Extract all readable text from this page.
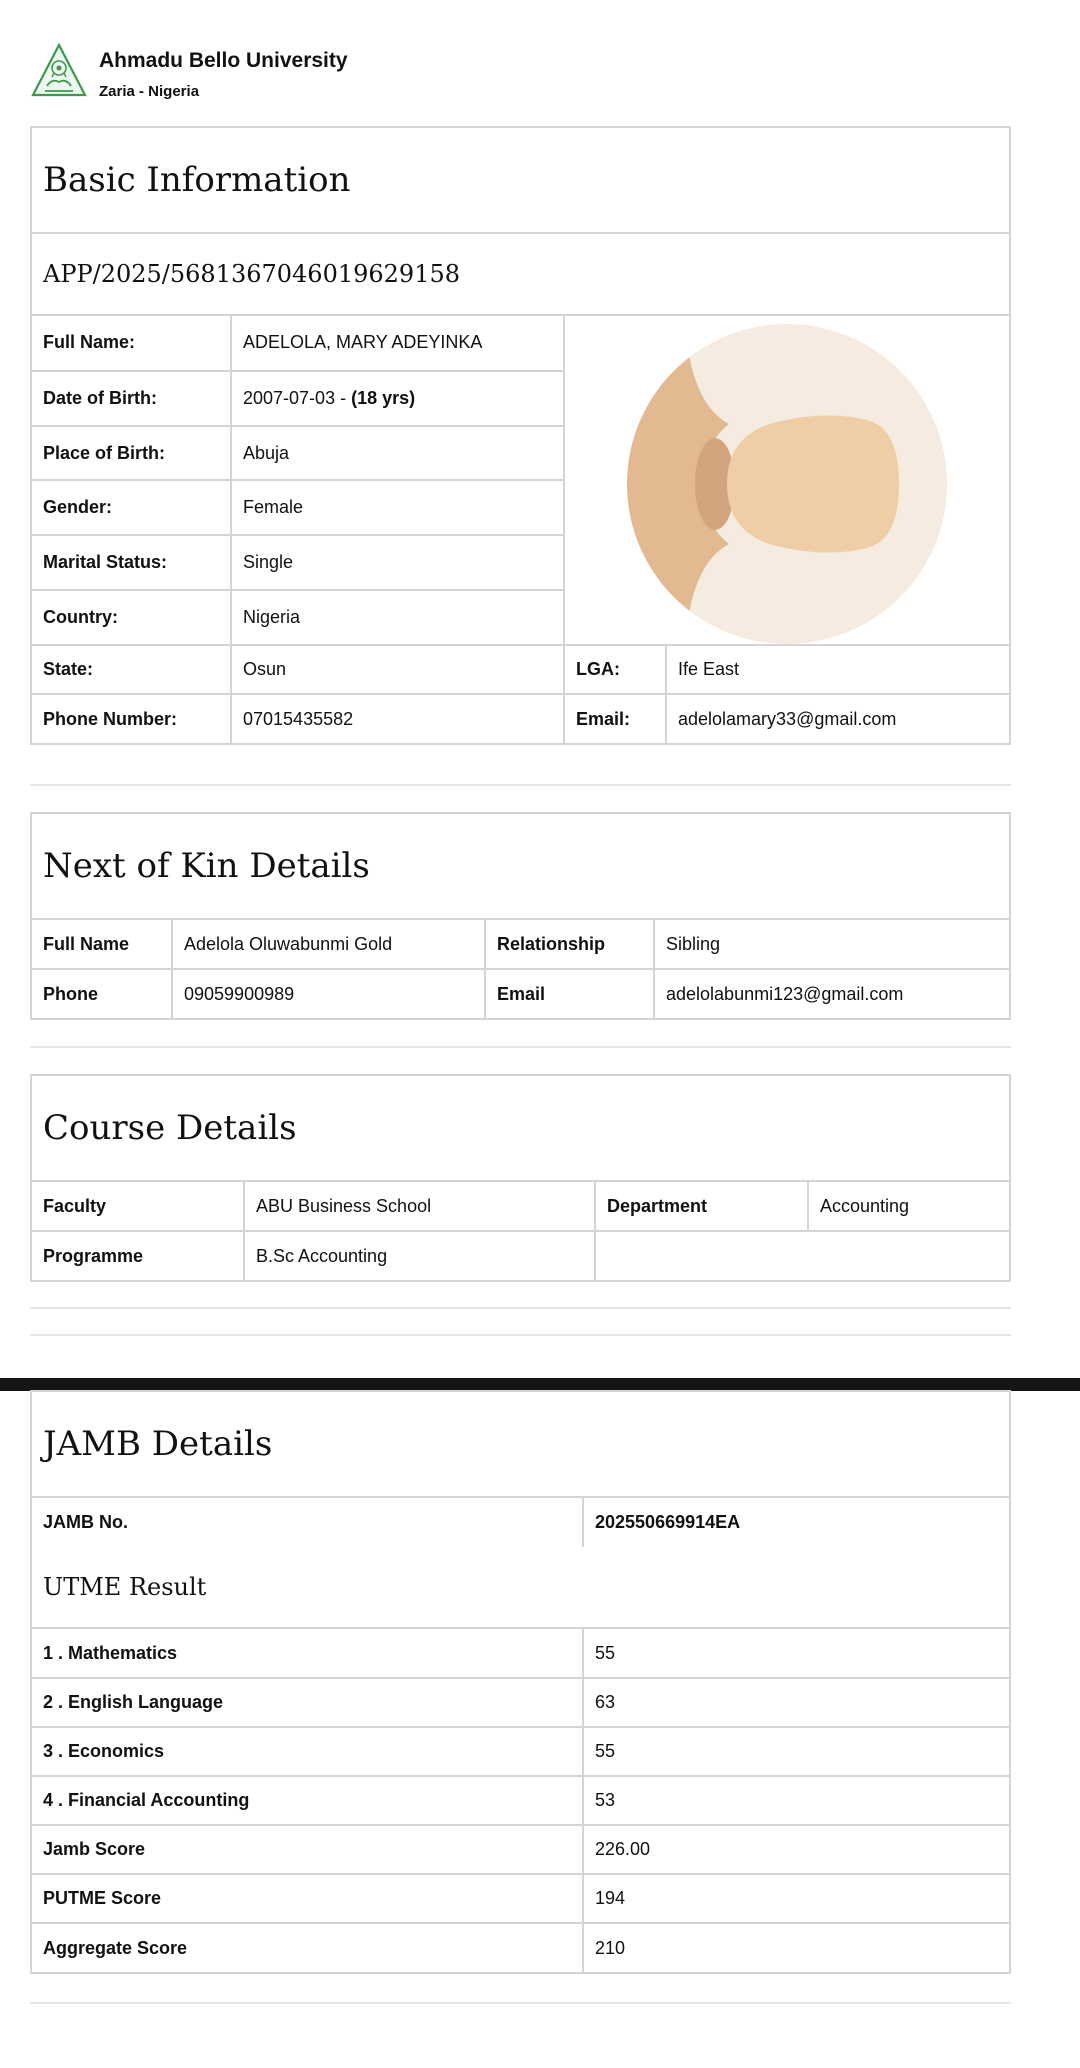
Ahmadu Bello University
Zaria - Nigeria
Basic Information
APP/2025/5681367046019629158
Full Name:	ADELOLA, MARY ADEYINKA	

Date of Birth:	2007-07-03 - (18 yrs)		
Place of Birth:	Abuja		
Gender:	Female		
Marital Status:	Single		
Country:	Nigeria		
State:	Osun	LGA:	Ife East
Phone Number:	07015435582	Email:	adelolamary33@gmail.com
Next of Kin Details
Full Name	Adelola Oluwabunmi Gold	Relationship	Sibling
Phone	09059900989	Email	adelolabunmi123@gmail.com
Course Details
Faculty	ABU Business School	Department	Accounting
Programme	B.Sc Accounting		
JAMB Details
JAMB No.	202550669914EA
UTME Result
1 . Mathematics	55
2 . English Language	63
3 . Economics	55
4 . Financial Accounting	53
Jamb Score	226.00
PUTME Score	194
Aggregate Score	210
